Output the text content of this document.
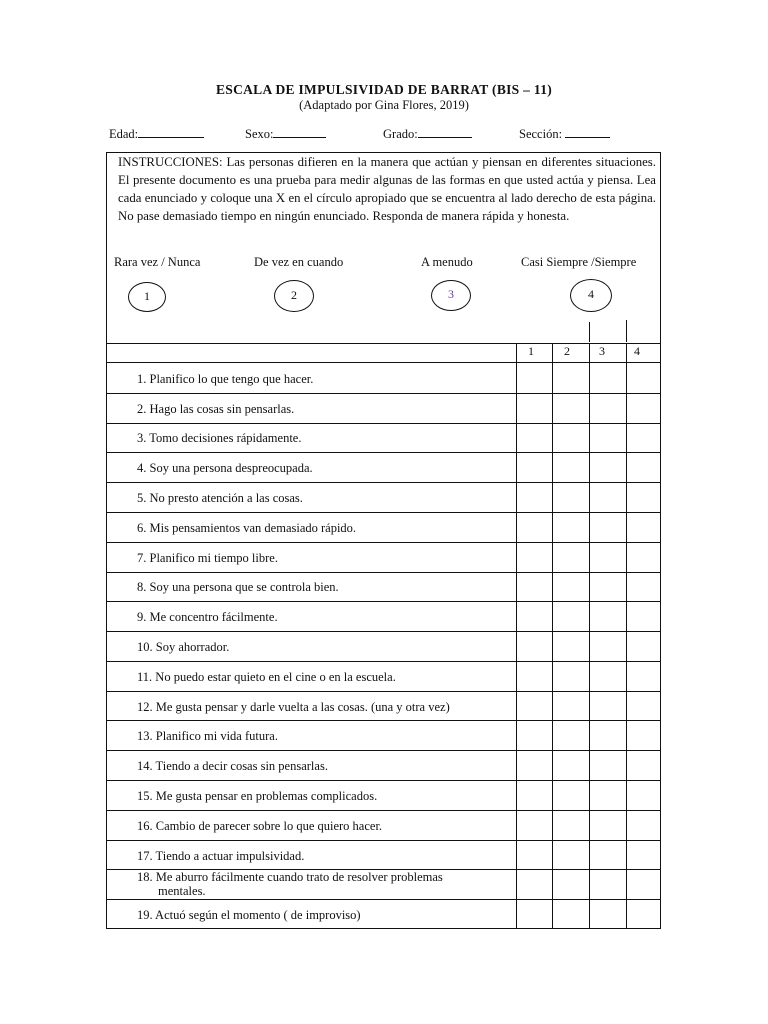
ESCALA DE IMPULSIVIDAD DE BARRAT (BIS – 11)
(Adaptado por Gina Flores, 2019)
Edad:	Sexo:	Grado:	Sección:
INSTRUCCIONES: Las personas difieren en la manera que actúan y piensan en diferentes situaciones. El presente documento es una prueba para medir algunas de las formas en que usted actúa y piensa. Lea cada enunciado y coloque una X en el círculo apropiado que se encuentra al lado derecho de esta página. No pase demasiado tiempo en ningún enunciado. Responda de manera rápida y honesta.
Rara vez / Nunca	De vez en cuando	A menudo	Casi Siempre /Siempre
1	2	3	4
1	2	3	4
1. Planifico lo que tengo que hacer.
2. Hago las cosas sin pensarlas.
3. Tomo decisiones rápidamente.
4. Soy una persona despreocupada.
5. No presto atención a las cosas.
6. Mis pensamientos van demasiado rápido.
7. Planifico mi tiempo libre.
8. Soy una persona que se controla bien.
9. Me concentro fácilmente.
10. Soy ahorrador.
11. No puedo estar quieto en el cine o en la escuela.
12. Me gusta pensar y darle vuelta a las cosas. (una y otra vez)
13. Planifico mi vida futura.
14. Tiendo a decir cosas sin pensarlas.
15. Me gusta pensar en problemas complicados.
16. Cambio de parecer sobre lo que quiero hacer.
17. Tiendo a actuar impulsividad.
18. Me aburro fácilmente cuando trato de resolver problemas
mentales.
19. Actuó según el momento ( de improviso)
